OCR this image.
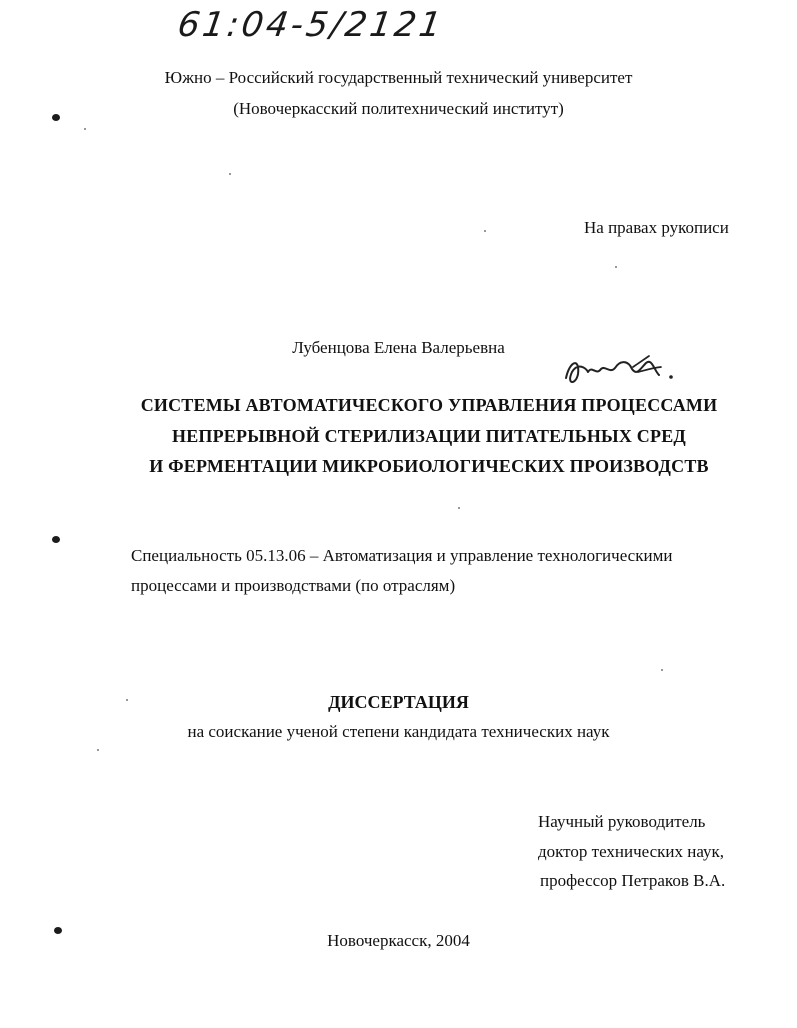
61:04-5/2121
Южно – Российский государственный технический университет
(Новочеркасский политехнический институт)
На правах рукописи
Лубенцова Елена Валерьевна
СИСТЕМЫ АВТОМАТИЧЕСКОГО УПРАВЛЕНИЯ ПРОЦЕССАМИ
НЕПРЕРЫВНОЙ СТЕРИЛИЗАЦИИ ПИТАТЕЛЬНЫХ СРЕД
И ФЕРМЕНТАЦИИ МИКРОБИОЛОГИЧЕСКИХ ПРОИЗВОДСТВ
Специальность 05.13.06 – Автоматизация и управление технологическими
процессами и производствами (по отраслям)
ДИССЕРТАЦИЯ
на соискание ученой степени кандидата технических наук
Научный руководитель
доктор технических наук,
профессор Петраков В.А.
Новочеркасск, 2004
